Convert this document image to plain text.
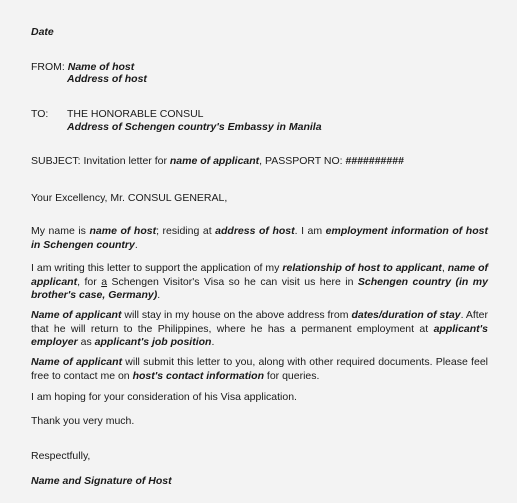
Date
FROM: Name of host
Address of host
TO:	THE HONORABLE CONSUL
Address of Schengen country's Embassy in Manila
SUBJECT: Invitation letter for name of applicant, PASSPORT NO: ##########
Your Excellency, Mr. CONSUL GENERAL,
My name is name of host; residing at address of host. I am employment information of host in Schengen country.
I am writing this letter to support the application of my relationship of host to applicant, name of applicant, for a Schengen Visitor's Visa so he can visit us here in Schengen country (in my brother's case, Germany).
Name of applicant will stay in my house on the above address from dates/duration of stay. After that he will return to the Philippines, where he has a permanent employment at applicant's employer as applicant's job position.
Name of applicant will submit this letter to you, along with other required documents. Please feel free to contact me on host's contact information for queries.
I am hoping for your consideration of his Visa application.
Thank you very much.
Respectfully,
Name and Signature of Host
